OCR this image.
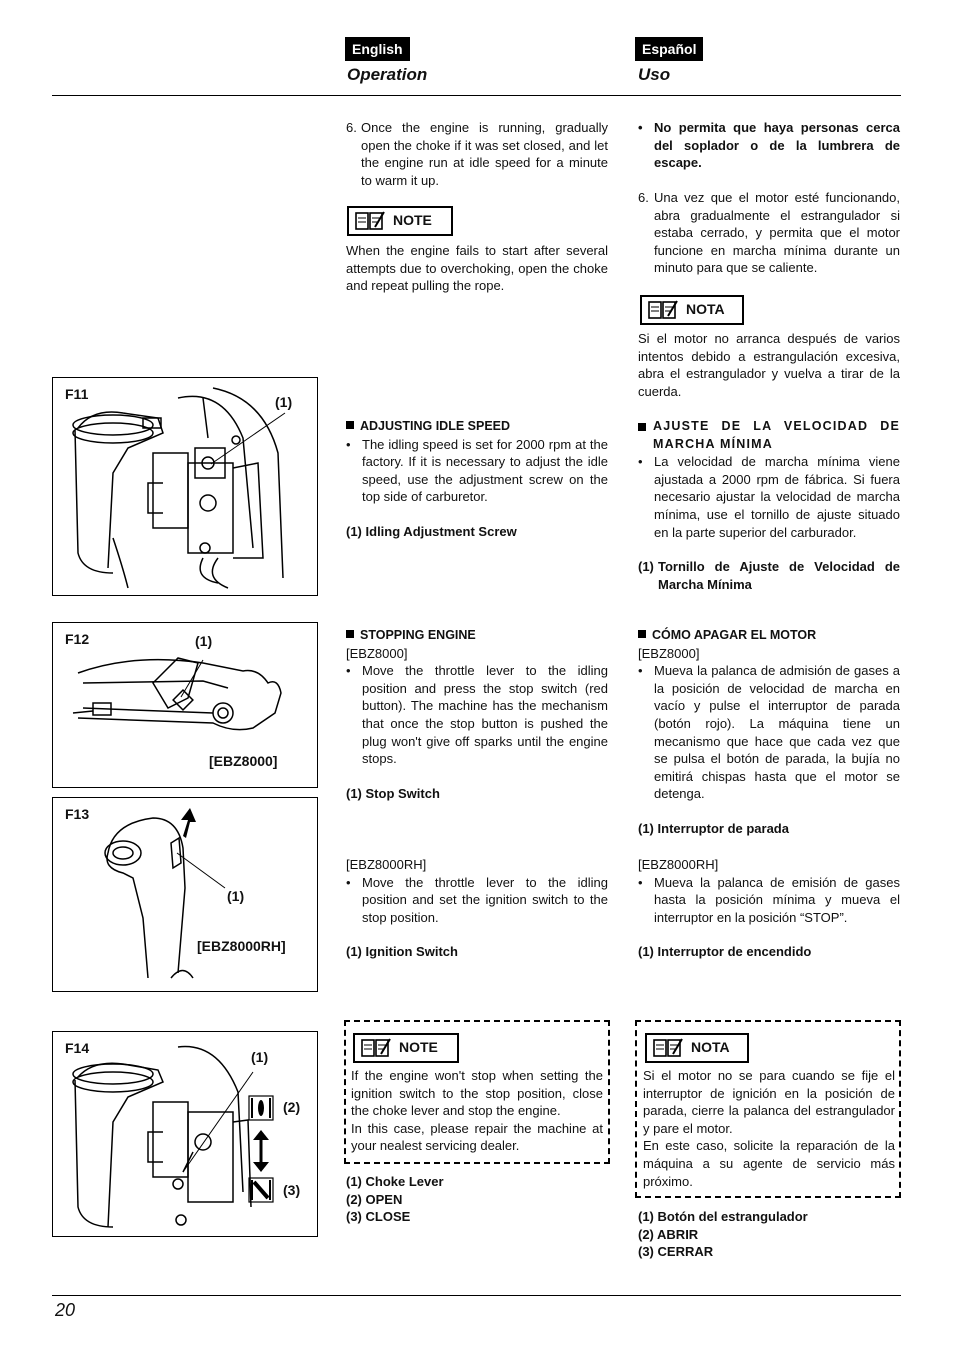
English	Español
Operation	Uso
6. Once the engine is running, gradually open the choke if it was set closed, and let the engine run at idle speed for a minute to warm it up.
NOTE
When the engine fails to start after several attempts due to overchoking, open the choke and repeat pulling the rope.
ADJUSTING IDLE SPEED
• The idling speed is set for 2000 rpm at the factory. If it is necessary to adjust the idle speed, use the adjustment screw on the top side of carburetor.
(1) Idling Adjustment Screw
STOPPING ENGINE
[EBZ8000]
• Move the throttle lever to the idling position and press the stop switch (red button). The machine has the mechanism that once the stop button is pushed the plug won't give off sparks until the engine stops.
(1) Stop Switch
[EBZ8000RH]
• Move the throttle lever to the idling position and set the ignition switch to the stop position.
(1) Ignition Switch
NOTE
If the engine won't stop when setting the ignition switch to the stop position, close the choke lever and stop the engine.
In this case, please repair the machine at your nealest servicing dealer.
(1) Choke Lever
(2) OPEN
(3) CLOSE
• No permita que haya personas cerca del soplador o de la lumbrera de escape.
6. Una vez que el motor esté funcionando, abra gradualmente el estrangulador si estaba cerrado, y permita que el motor funcione en marcha mínima durante un minuto para que se caliente.
NOTA
Si el motor no arranca después de varios intentos debido a estrangulación excesiva, abra el estrangulador y vuelva a tirar de la cuerda.
AJUSTE DE LA VELOCIDAD DE MARCHA MÍNIMA
• La velocidad de marcha mínima viene ajustada a 2000 rpm de fábrica. Si fuera necesario ajustar la velocidad de marcha mínima, use el tornillo de ajuste situado en la parte superior del carburador.
(1) Tornillo de Ajuste de Velocidad de Marcha Mínima
CÓMO APAGAR EL MOTOR
[EBZ8000]
• Mueva la palanca de admisión de gases a la posición de velocidad de marcha en vacío y pulse el interruptor de parada (botón rojo). La máquina tiene un mecanismo que hace que cada vez que se pulsa el botón de parada, la bujía no emitirá chispas hasta que el motor se detenga.
(1) Interruptor de parada
[EBZ8000RH]
• Mueva la palanca de emisión de gases hasta la posición mínima y mueva el interruptor en la posición “STOP”.
(1) Interruptor de encendido
NOTA
Si el motor no se para cuando se fije el interruptor de ignición en la posición de parada, cierre la palanca del estrangulador y pare el motor.
En este caso, solicite la reparación de la máquina a su agente de servicio más próximo.
(1) Botón del estrangulador
(2) ABRIR
(3) CERRAR
F11	(1)
F12	(1)
[EBZ8000]
F13
(1)
[EBZ8000RH]
F14
(1)
(2)
(3)
20
